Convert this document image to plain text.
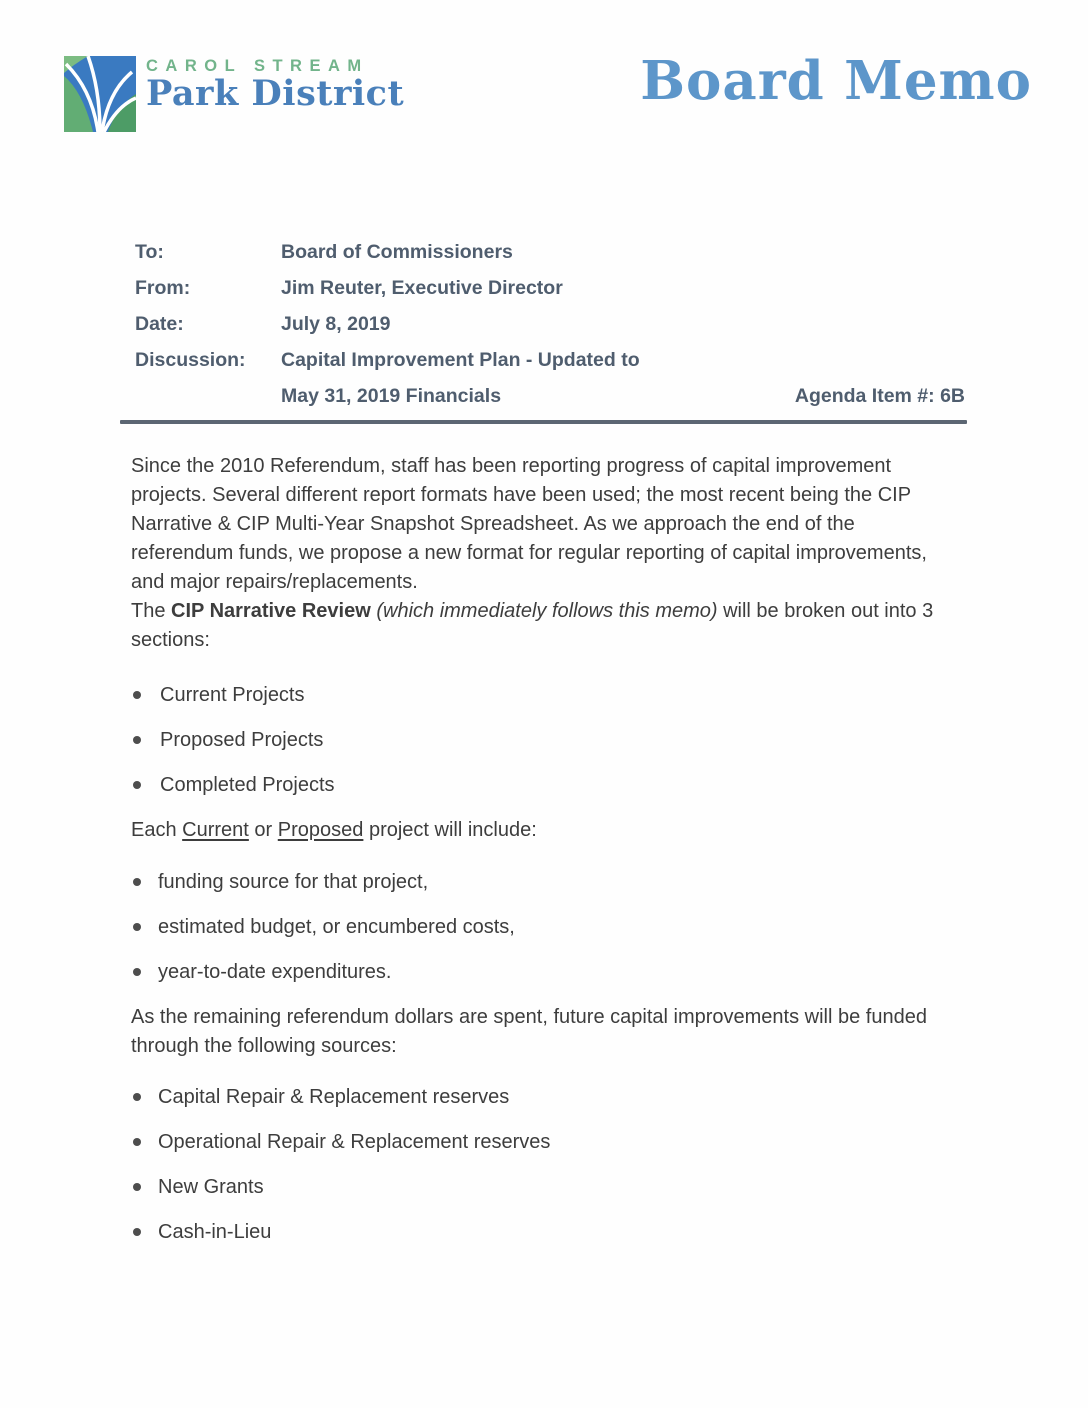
CAROL STREAM
Park District	Board Memo
To:	Board of Commissioners
From:	Jim Reuter, Executive Director
Date:	July 8, 2019
Discussion:	Capital Improvement Plan - Updated to
May 31, 2019 Financials	Agenda Item #: 6B

Since the 2010 Referendum, staff has been reporting progress of capital improvement projects. Several different report formats have been used; the most recent being the CIP Narrative & CIP Multi-Year Snapshot Spreadsheet. As we approach the end of the referendum funds, we propose a new format for regular reporting of capital improvements, and major repairs/replacements.

The CIP Narrative Review (which immediately follows this memo) will be broken out into 3 sections:

Current Projects
Proposed Projects
Completed Projects

Each Current or Proposed project will include:

funding source for that project,
estimated budget, or encumbered costs,
year-to-date expenditures.

As the remaining referendum dollars are spent, future capital improvements will be funded through the following sources:

Capital Repair & Replacement reserves
Operational Repair & Replacement reserves
New Grants
Cash-in-Lieu
